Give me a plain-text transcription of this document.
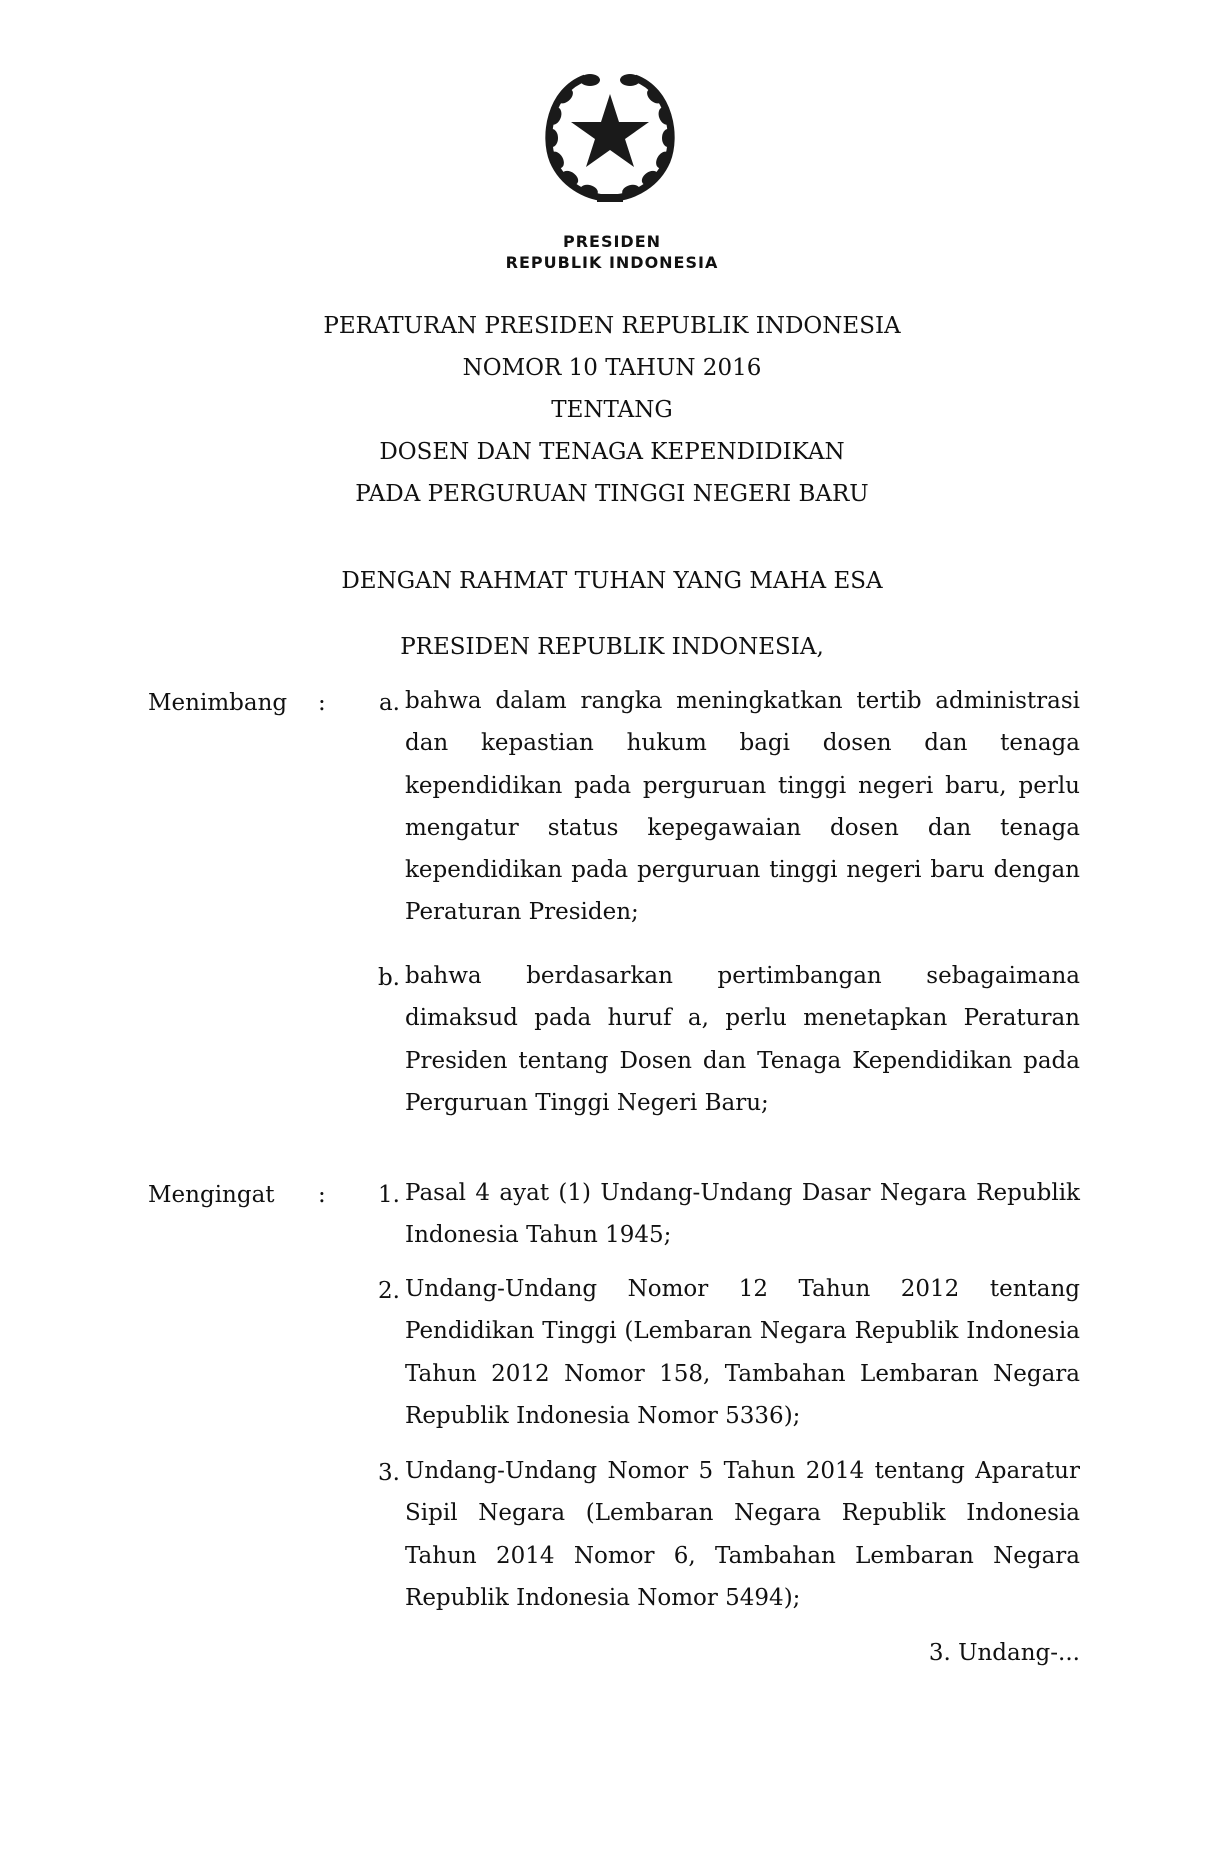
PRESIDEN
REPUBLIK INDONESIA
PERATURAN PRESIDEN REPUBLIK INDONESIA
NOMOR 10 TAHUN 2016
TENTANG
DOSEN DAN TENAGA KEPENDIDIKAN
PADA PERGURUAN TINGGI NEGERI BARU
DENGAN RAHMAT TUHAN YANG MAHA ESA
PRESIDEN REPUBLIK INDONESIA,
Menimbang :	a. bahwa dalam rangka meningkatkan tertib administrasi dan kepastian hukum bagi dosen dan tenaga kependidikan pada perguruan tinggi negeri baru, perlu mengatur status kepegawaian dosen dan tenaga kependidikan pada perguruan tinggi negeri baru dengan Peraturan Presiden;
b. bahwa berdasarkan pertimbangan sebagaimana dimaksud pada huruf a, perlu menetapkan Peraturan Presiden tentang Dosen dan Tenaga Kependidikan pada Perguruan Tinggi Negeri Baru;
Mengingat :	1. Pasal 4 ayat (1) Undang-Undang Dasar Negara Republik Indonesia Tahun 1945;
2. Undang-Undang Nomor 12 Tahun 2012 tentang Pendidikan Tinggi (Lembaran Negara Republik Indonesia Tahun 2012 Nomor 158, Tambahan Lembaran Negara Republik Indonesia Nomor 5336);
3. Undang-Undang Nomor 5 Tahun 2014 tentang Aparatur Sipil Negara (Lembaran Negara Republik Indonesia Tahun 2014 Nomor 6, Tambahan Lembaran Negara Republik Indonesia Nomor 5494);
3. Undang-...
